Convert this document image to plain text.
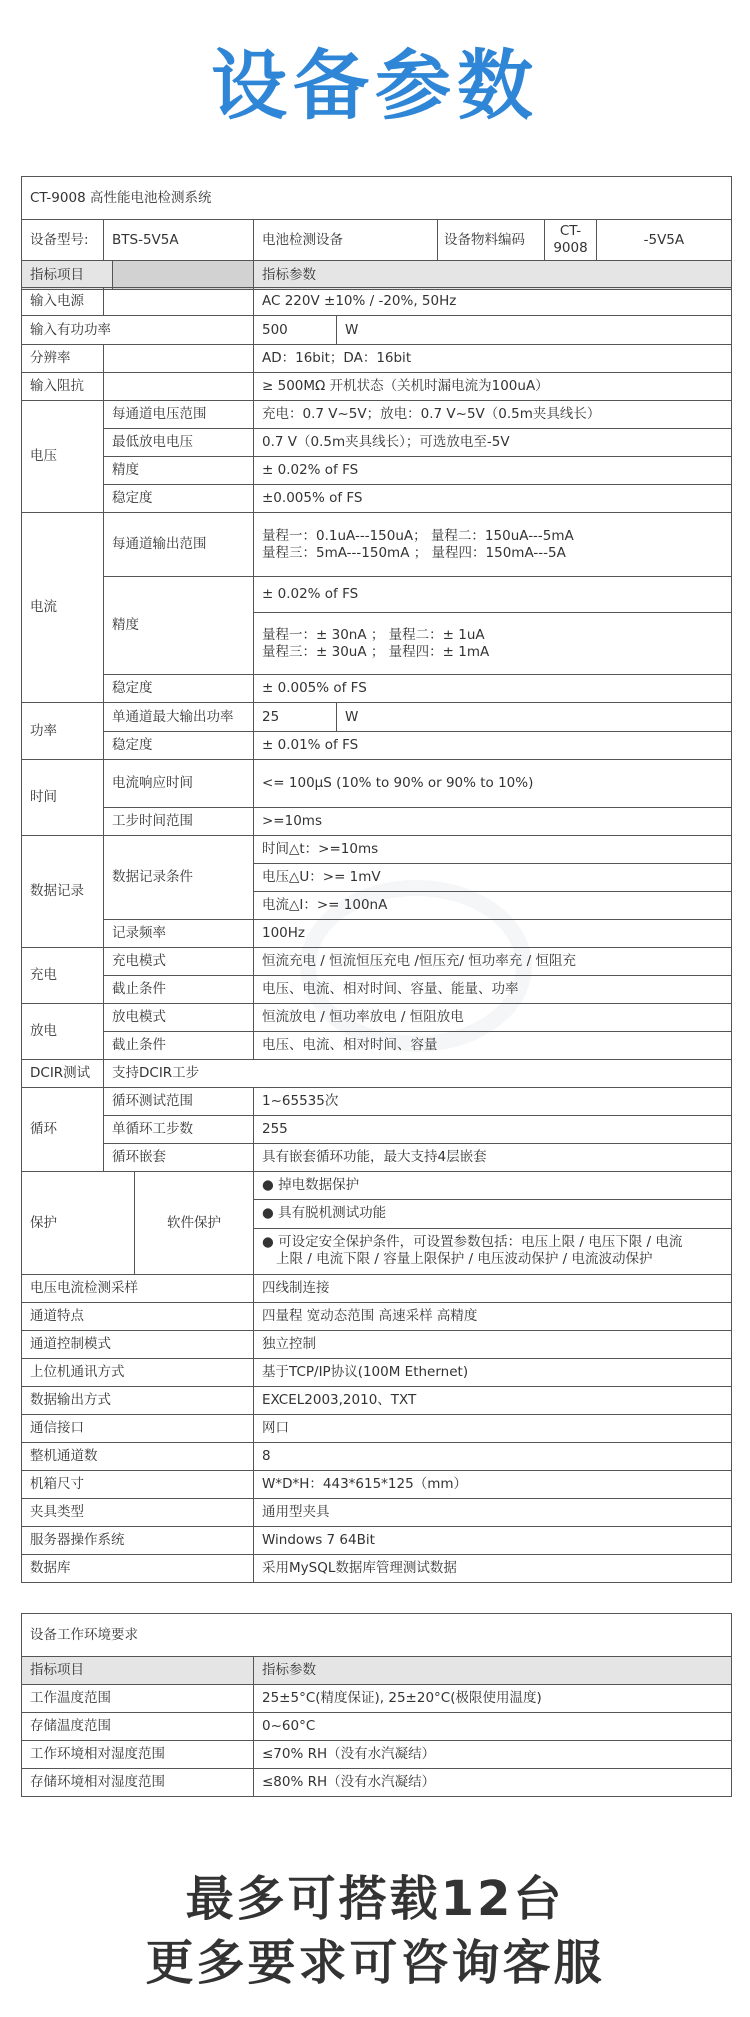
设备参数
CT-9008 高性能电池检测系统
设备型号:	BTS-5V5A	电池检测设备		设备物料编码	CT-9008	-5V5A

指标项目	指标参数
输入电源		AC 220V ±10% / -20%, 50Hz
输入有功功率		500 W

分辨率		AD：16bit；DA：16bit
输入阻抗		≥ 500MΩ 开机状态（关机时漏电流为100uA）
电压	每通道电压范围	充电：0.7 V~5V；放电：0.7 V~5V（0.5m夹具线长）
	最低放电电压	0.7 V（0.5m夹具线长）；可选放电至-5V
	精度	± 0.02% of FS
	稳定度	±0.005% of FS
电流	每通道输出范围	量程一：0.1uA---150uA； 量程二：150uA---5mA
量程三：5mA---150mA ； 量程四：150mA---5A

	精度	± 0.02% of FS

		量程一：± 30nA ； 量程二：± 1uA
量程三：± 30uA ； 量程四：± 1mA

	稳定度	± 0.005% of FS
功率	单通道最大输出功率	25 W

	稳定度	± 0.01% of FS
时间	电流响应时间	<= 100μS (10% to 90% or 90% to 10%)
	工步时间范围	>=10ms
数据记录	数据记录条件	时间△t：>=10ms
		电压△U：>= 1mV
		电流△I：>= 100nA
	记录频率	100Hz
充电	充电模式	恒流充电 / 恒流恒压充电 /恒压充/ 恒功率充 / 恒阻充
	截止条件	电压、电流、相对时间、容量、能量、功率
放电	放电模式	恒流放电 / 恒功率放电 / 恒阻放电
	截止条件	电压、电流、相对时间、容量
DCIR测试	支持DCIR工步	
循环	循环测试范围	1~65535次
	单循环工步数	255
	循环嵌套	具有嵌套循环功能，最大支持4层嵌套

保护 软件保护		● 掉电数据保护
		● 具有脱机测试功能

		● 可设定安全保护条件，可设置参数包括：电压上限 / 电压下限 / 电流
上限 / 电流下限 / 容量上限保护 / 电压波动保护 / 电流波动保护

电压电流检测采样		四线制连接
通道特点		四量程 宽动态范围 高速采样 高精度
通道控制模式		独立控制
上位机通讯方式		基于TCP/IP协议(100M Ethernet)
数据输出方式		EXCEL2003,2010、TXT
通信接口		网口
整机通道数		8
机箱尺寸		W*D*H：443*615*125（mm）
夹具类型		通用型夹具
服务器操作系统		Windows 7 64Bit
数据库		采用MySQL数据库管理测试数据
设备工作环境要求	
指标项目	指标参数
工作温度范围	25±5°C(精度保证), 25±20°C(极限使用温度)
存储温度范围	0~60°C
工作环境相对湿度范围	≤70% RH（没有水汽凝结）
存储环境相对湿度范围	≤80% RH（没有水汽凝结）
最多可搭载12台
更多要求可咨询客服
